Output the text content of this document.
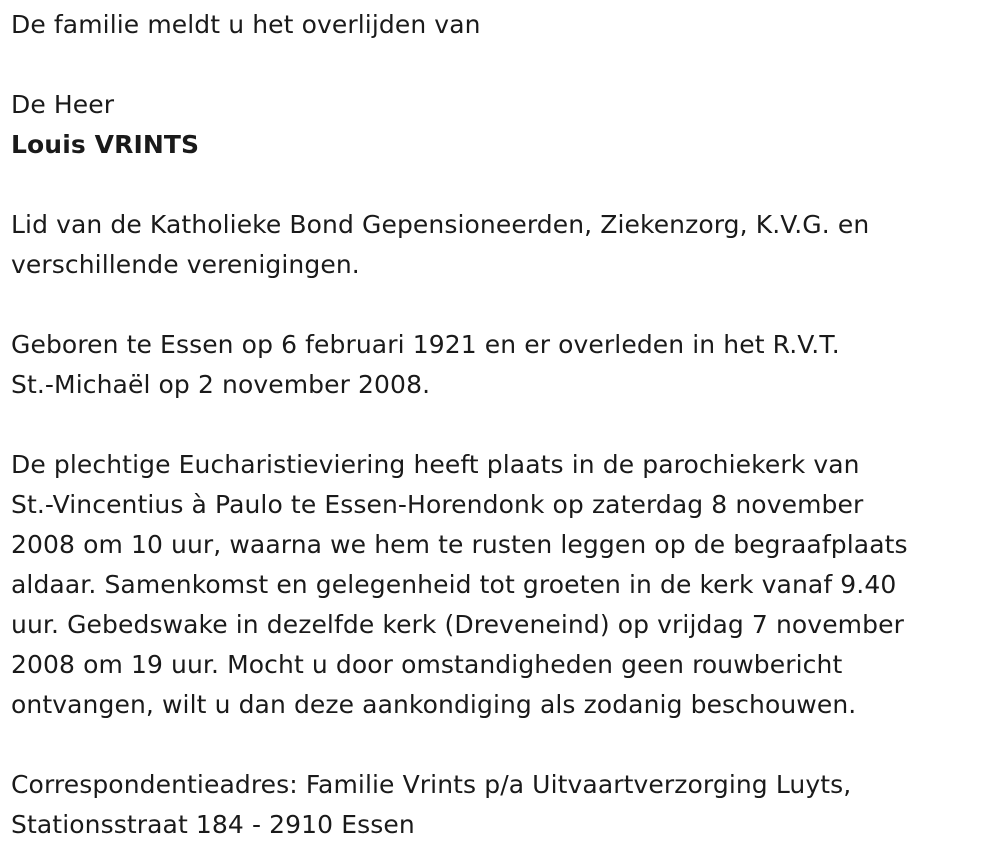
De familie meldt u het overlijden van
De Heer
Louis VRINTS
Lid van de Katholieke Bond Gepensioneerden, Ziekenzorg, K.V.G. en
verschillende verenigingen.
Geboren te Essen op 6 februari 1921 en er overleden in het R.V.T.
St.-Michaël op 2 november 2008.
De plechtige Eucharistieviering heeft plaats in de parochiekerk van
St.-Vincentius à Paulo te Essen-Horendonk op zaterdag 8 november
2008 om 10 uur, waarna we hem te rusten leggen op de begraafplaats
aldaar. Samenkomst en gelegenheid tot groeten in de kerk vanaf 9.40
uur. Gebedswake in dezelfde kerk (Dreveneind) op vrijdag 7 november
2008 om 19 uur. Mocht u door omstandigheden geen rouwbericht
ontvangen, wilt u dan deze aankondiging als zodanig beschouwen.
Correspondentieadres: Familie Vrints p/a Uitvaartverzorging Luyts,
Stationsstraat 184 - 2910 Essen
